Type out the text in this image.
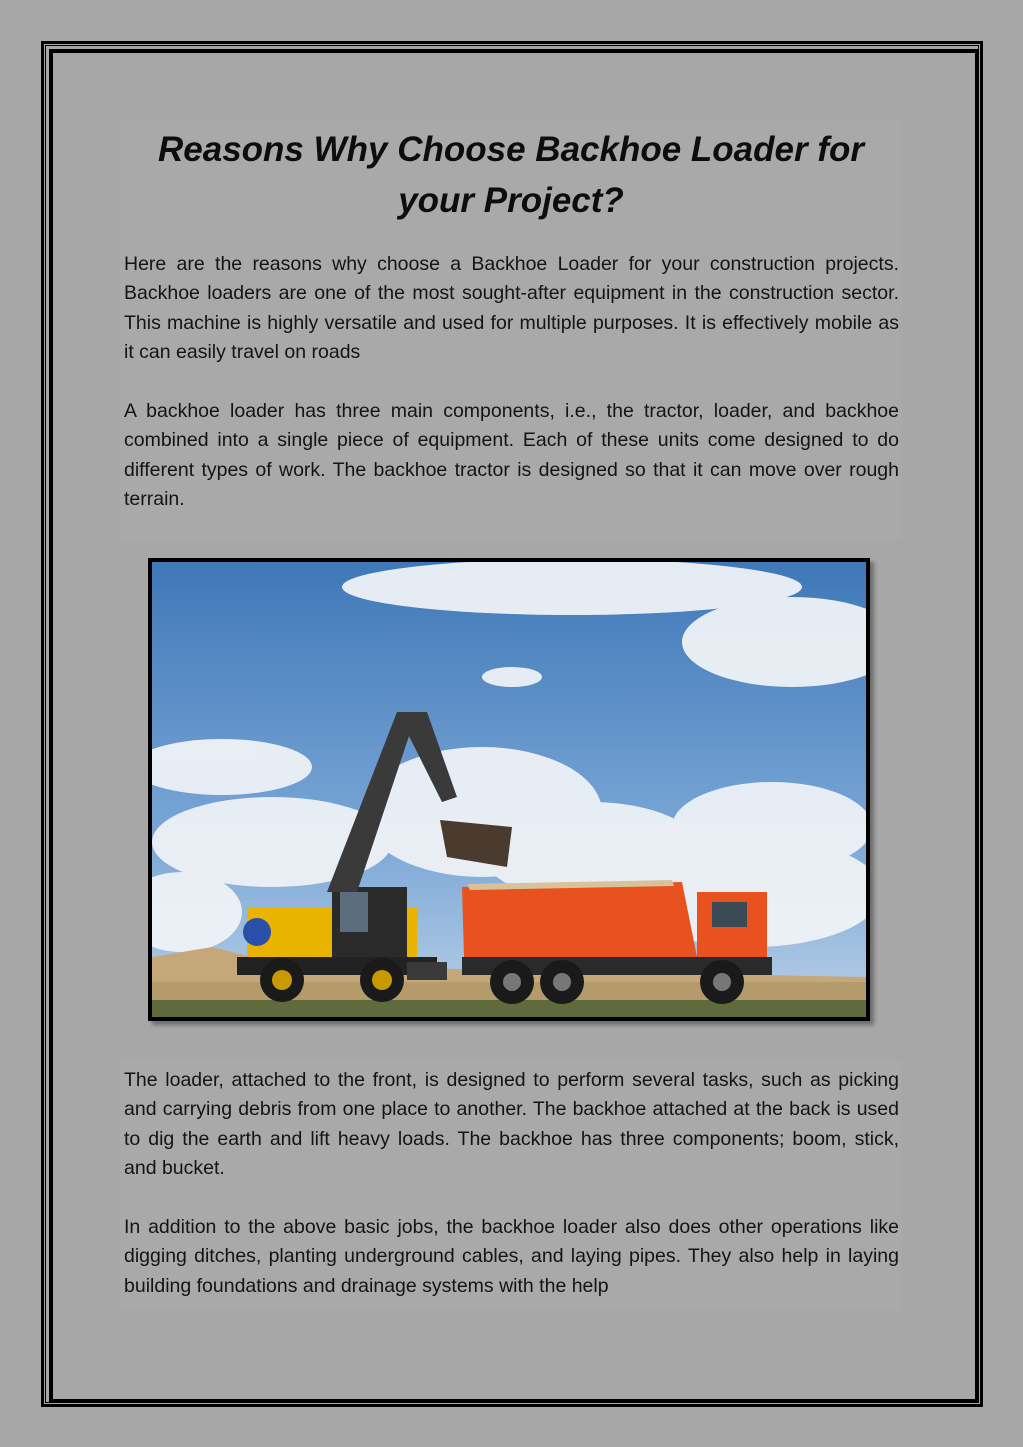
Reasons Why Choose Backhoe Loader for your Project?

Here are the reasons why choose a Backhoe Loader for your construction projects. Backhoe loaders are one of the most sought-after equipment in the construction sector. This machine is highly versatile and used for multiple purposes. It is effectively mobile as it can easily travel on roads

A backhoe loader has three main components, i.e., the tractor, loader, and backhoe combined into a single piece of equipment. Each of these units come designed to do different types of work. The backhoe tractor is designed so that it can move over rough terrain.

The loader, attached to the front, is designed to perform several tasks, such as picking and carrying debris from one place to another. The backhoe attached at the back is used to dig the earth and lift heavy loads. The backhoe has three components; boom, stick, and bucket.

In addition to the above basic jobs, the backhoe loader also does other operations like digging ditches, planting underground cables, and laying pipes. They also help in laying building foundations and drainage systems with the help
